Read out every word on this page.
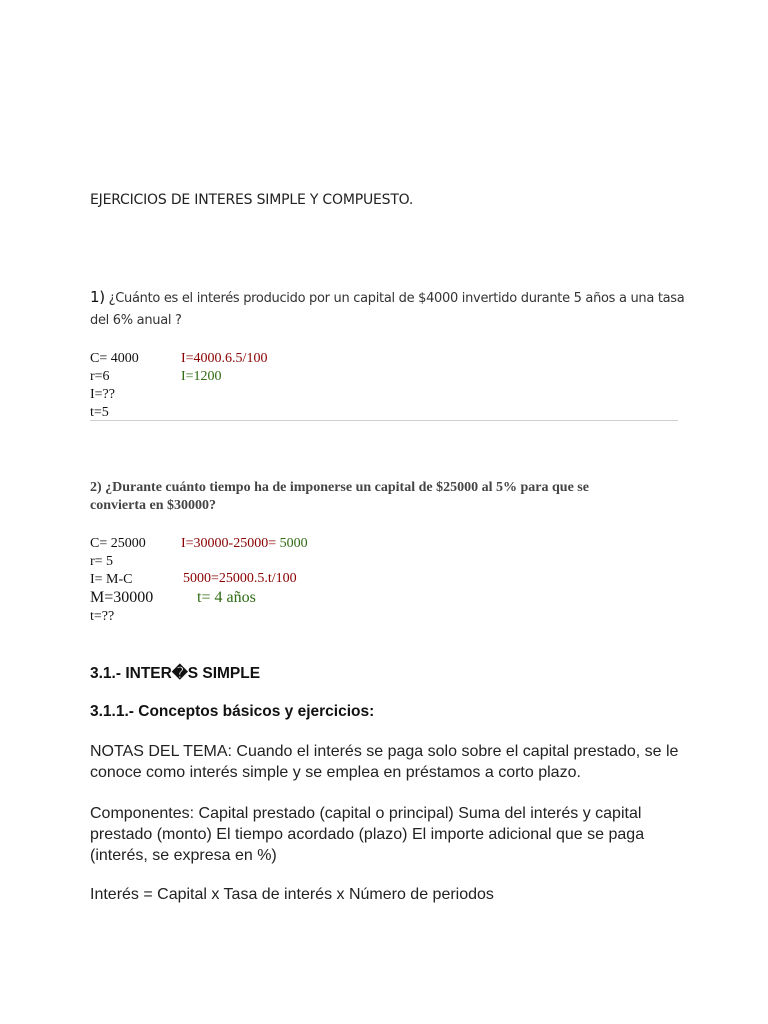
EJERCICIOS DE INTERES SIMPLE Y COMPUESTO.
1) ¿Cuánto es el interés producido por un capital de $4000 invertido durante 5 años a una tasa
del 6% anual ?
C= 4000
r=6
I=??
t=5
I=4000.6.5/100
I=1200
2) ¿Durante cuánto tiempo ha de imponerse un capital de $25000 al 5% para que se
convierta en $30000?
C= 25000
r= 5
I= M-C
M=30000
t=??
I=30000-25000= 5000
5000=25000.5.t/100
t= 4 años
3.1.- INTER�S SIMPLE
3.1.1.- Conceptos básicos y ejercicios:
NOTAS DEL TEMA: Cuando el interés se paga solo sobre el capital prestado, se le conoce como interés simple y se emplea en préstamos a corto plazo.
Componentes: Capital prestado (capital o principal) Suma del interés y capital prestado (monto) El tiempo acordado (plazo) El importe adicional que se paga (interés, se expresa en %)
Interés = Capital x Tasa de interés x Número de periodos
